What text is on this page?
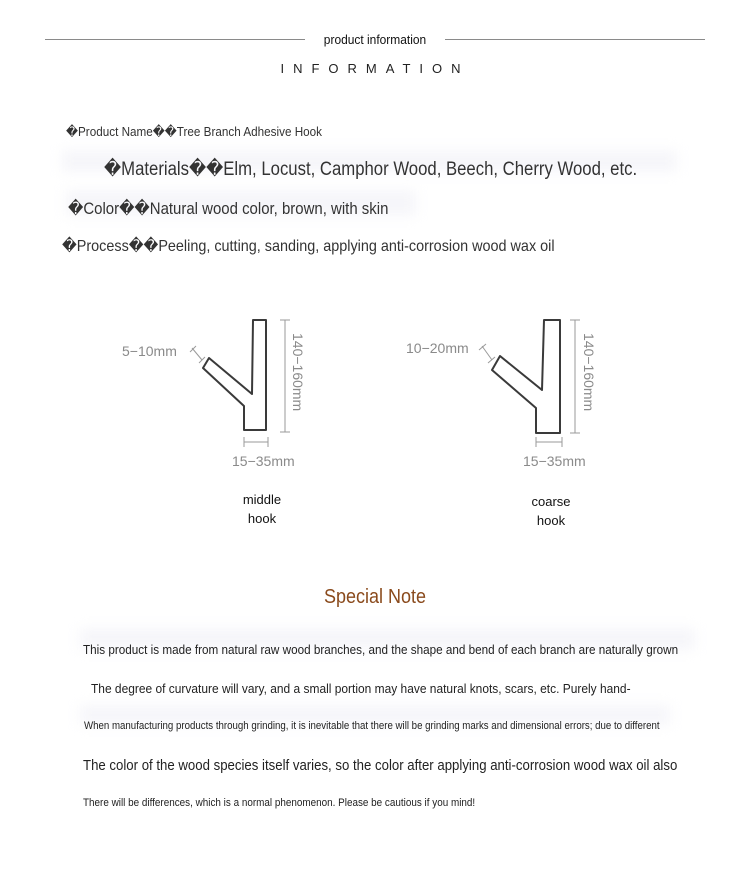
product information
INFORMATION
�Product Name��Tree Branch Adhesive Hook
�Materials��Elm, Locust, Camphor Wood, Beech, Cherry Wood, etc.
�Color��Natural wood color, brown, with skin
�Process��Peeling, cutting, sanding, applying anti-corrosion wood wax oil
5−10mm
15−35mm
140−160mm	10−20mm
15−35mm
140−160mm
middle
hook
coarse
hook
Special Note
This product is made from natural raw wood branches, and the shape and bend of each branch are naturally grown
The degree of curvature will vary, and a small portion may have natural knots, scars, etc. Purely hand-
When manufacturing products through grinding, it is inevitable that there will be grinding marks and dimensional errors; due to different
The color of the wood species itself varies, so the color after applying anti-corrosion wood wax oil also
There will be differences, which is a normal phenomenon. Please be cautious if you mind!
